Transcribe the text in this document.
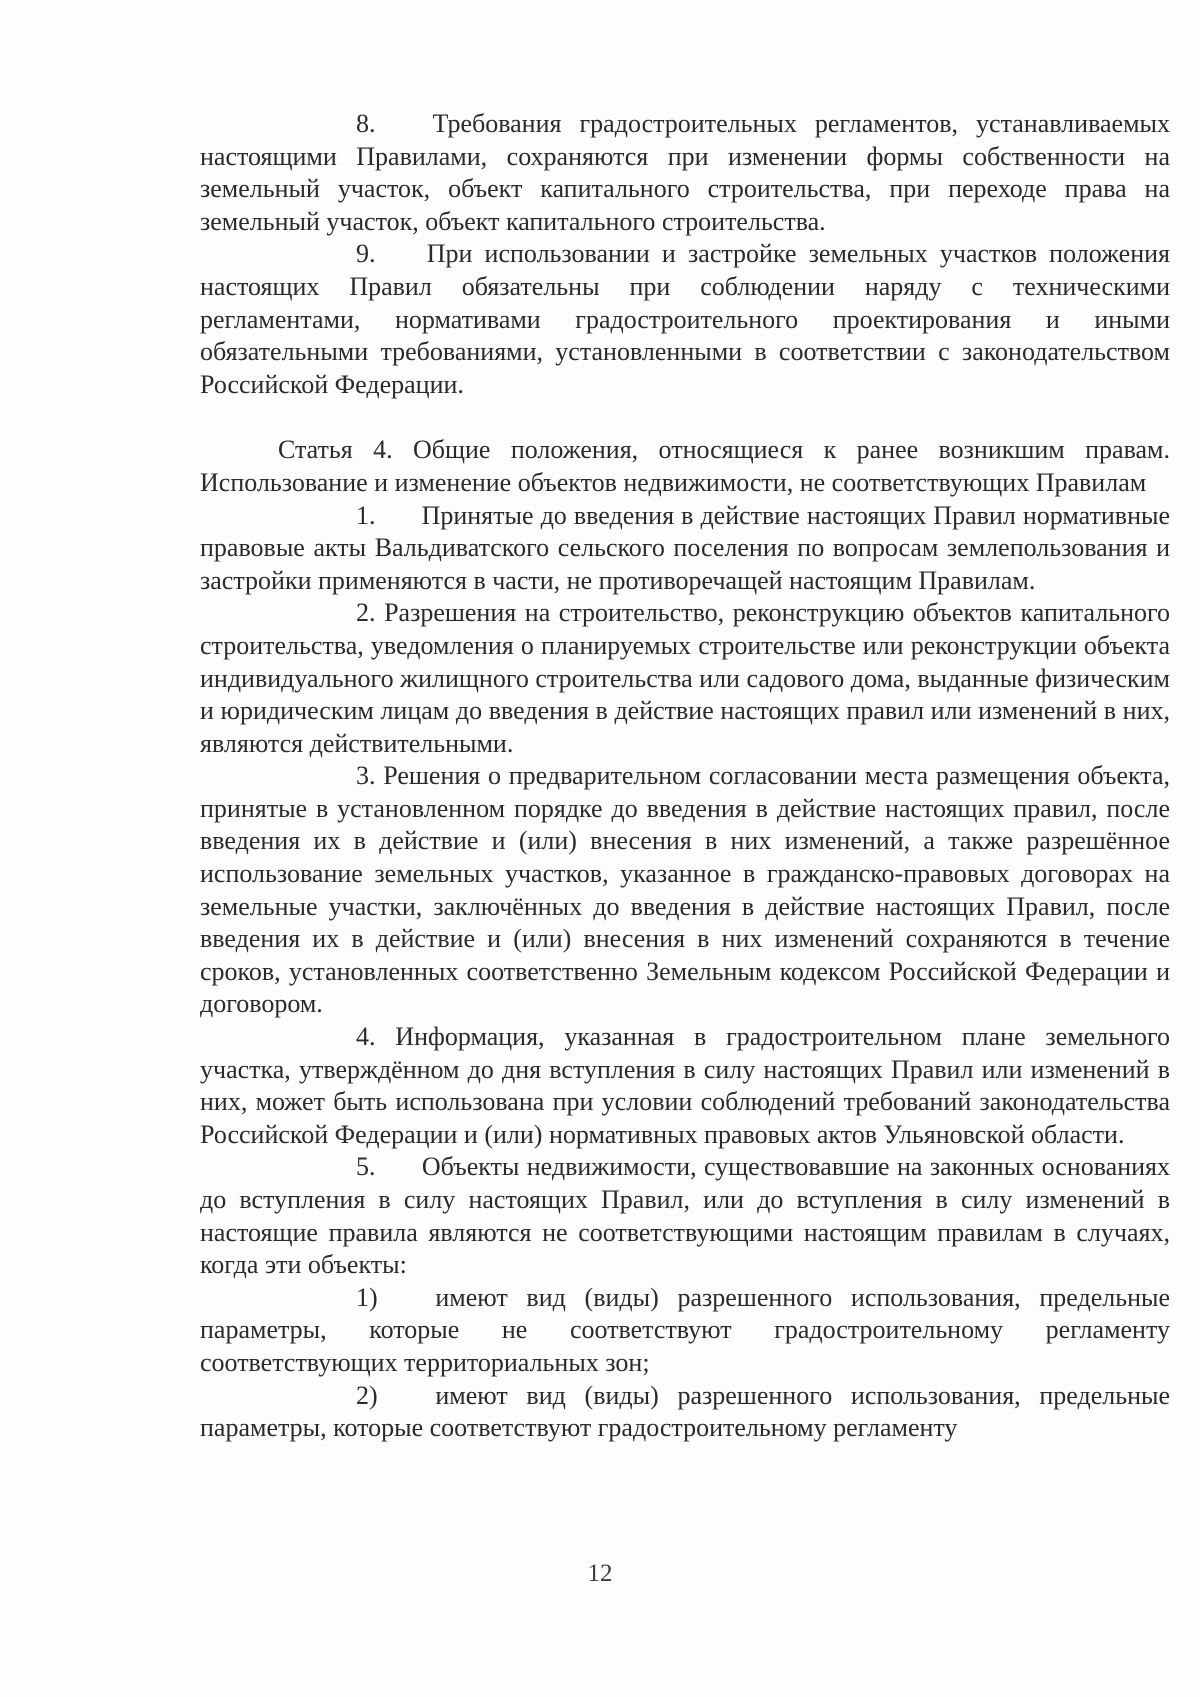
8.   Требования градостроительных регламентов, устанавливаемых настоящими Правилами, сохраняются при изменении формы собственности на земельный участок, объект капитального строительства, при переходе права на земельный участок, объект капитального строительства.

9.   При использовании и застройке земельных участков положения настоящих Правил обязательны при соблюдении наряду с техническими регламентами, нормативами градостроительного проектирования и иными обязательными требованиями, установленными в соответствии с законодательством Российской Федерации.

Статья 4. Общие положения, относящиеся к ранее возникшим правам. Использование и изменение объектов недвижимости, не соответствующих Правилам

1.   Принятые до введения в действие настоящих Правил нормативные правовые акты Вальдиватского сельского поселения по вопросам землепользования и застройки применяются в части, не противоречащей настоящим Правилам.

2. Разрешения на строительство, реконструкцию объектов капитального строительства, уведомления о планируемых строительстве или реконструкции объекта индивидуального жилищного строительства или садового дома, выданные физическим и юридическим лицам до введения в действие настоящих правил или изменений в них, являются действительными.

3. Решения о предварительном согласовании места размещения объекта, принятые в установленном порядке до введения в действие настоящих правил, после введения их в действие и (или) внесения в них изменений, а также разрешённое использование земельных участков, указанное в гражданско-правовых договорах на земельные участки, заключённых до введения в действие настоящих Правил, после введения их в действие и (или) внесения в них изменений сохраняются в течение сроков, установленных соответственно Земельным кодексом Российской Федерации и договором.

4. Информация, указанная в градостроительном плане земельного участка, утверждённом до дня вступления в силу настоящих Правил или изменений в них, может быть использована при условии соблюдений требований законодательства Российской Федерации и (или) нормативных правовых актов Ульяновской области.

5.   Объекты недвижимости, существовавшие на законных основаниях до вступления в силу настоящих Правил, или до вступления в силу изменений в настоящие правила являются не соответствующими настоящим правилам в случаях, когда эти объекты:

1)   имеют вид (виды) разрешенного использования, предельные параметры, которые не соответствуют градостроительному регламенту соответствующих территориальных зон;

2)   имеют вид (виды) разрешенного использования, предельные параметры, которые соответствуют градостроительному регламенту

12
